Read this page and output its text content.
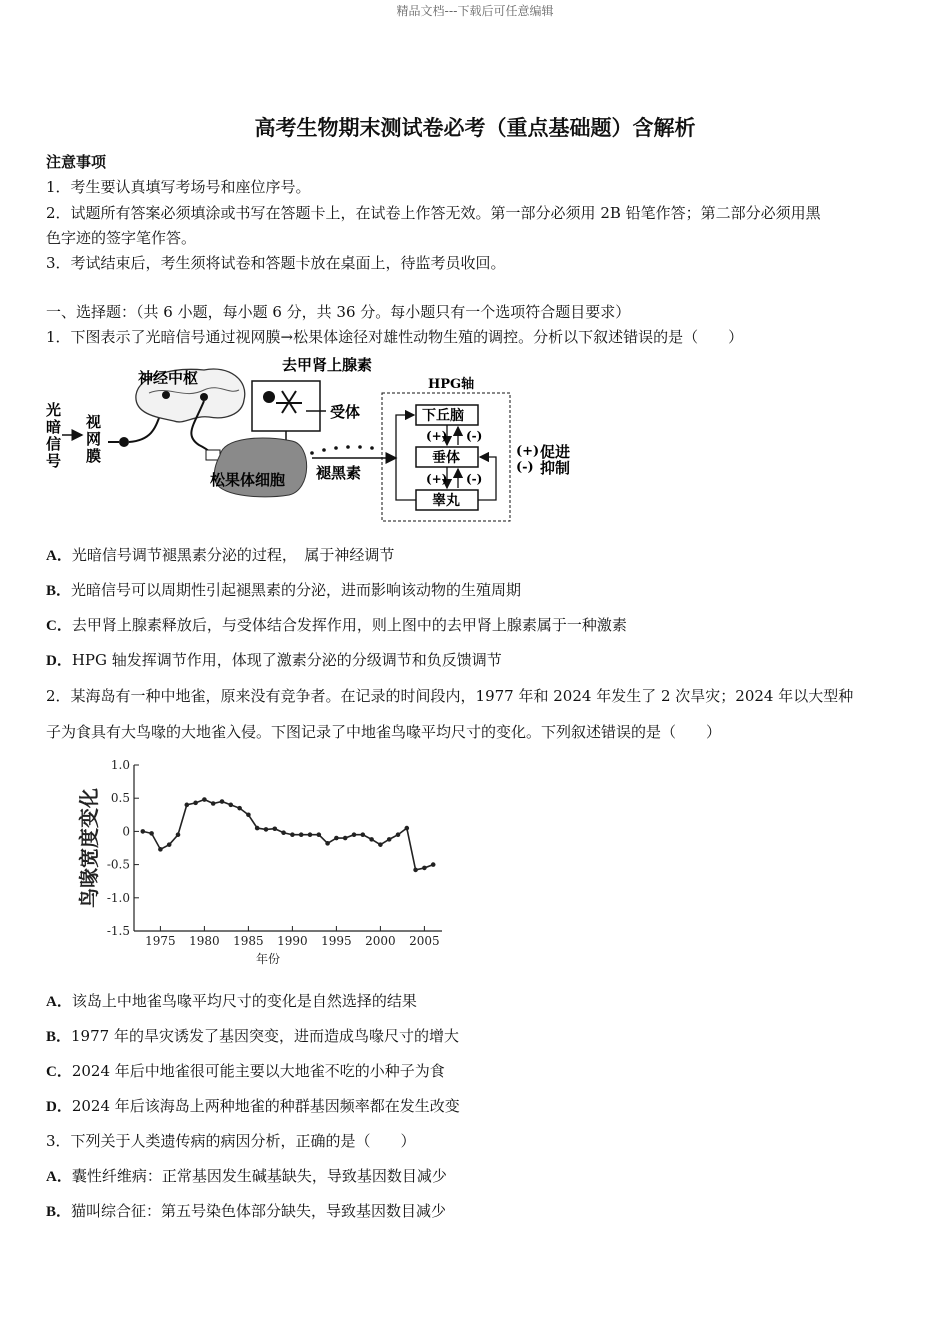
精品文档---下载后可任意编辑
高考生物期末测试卷必考（重点基础题）含解析
注意事项
1．考生要认真填写考场号和座位序号。
2．试题所有答案必须填涂或书写在答题卡上，在试卷上作答无效。第一部分必须用 2B 铅笔作答；第二部分必须用黑
色字迹的签字笔作答。
3．考试结束后，考生须将试卷和答题卡放在桌面上，待监考员收回。
一、选择题：（共 6 小题，每小题 6 分，共 36 分。每小题只有一个选项符合题目要求）
1．下图表示了光暗信号通过视网膜→松果体途径对雄性动物生殖的调控。分析以下叙述错误的是（　　）
光
暗
信
号
视
网
膜
神经中枢
去甲肾上腺素
受体
松果体细胞 褪黑素
HPG轴
下丘脑
垂体
睾丸
(+) (-)
(+) (-)
(+)
(-)
促进
抑制
A．光暗信号调节褪黑素分泌的过程，　属于神经调节
B．光暗信号可以周期性引起褪黑素的分泌，进而影响该动物的生殖周期
C．去甲肾上腺素释放后，与受体结合发挥作用，则上图中的去甲肾上腺素属于一种激素
D．HPG 轴发挥调节作用，体现了激素分泌的分级调节和负反馈调节
2．某海岛有一种中地雀，原来没有竞争者。在记录的时间段内，1977 年和 2024 年发生了 2 次旱灾；2024 年以大型种
子为食具有大鸟喙的大地雀入侵。下图记录了中地雀鸟喙平均尺寸的变化。下列叙述错误的是（　　）
1.0
0.5
0
-0.5
-1.0
-1.5
1975 1980 1985 1990 1995 2000 2005
年份
鸟喙宽度变化
A．该岛上中地雀鸟喙平均尺寸的变化是自然选择的结果
B．1977 年的旱灾诱发了基因突变，进而造成鸟喙尺寸的增大
C．2024 年后中地雀很可能主要以大地雀不吃的小种子为食
D．2024 年后该海岛上两种地雀的种群基因频率都在发生改变
3．下列关于人类遗传病的病因分析，正确的是（　　）
A．囊性纤维病：正常基因发生碱基缺失，导致基因数目减少
B．猫叫综合征：第五号染色体部分缺失，导致基因数目减少
